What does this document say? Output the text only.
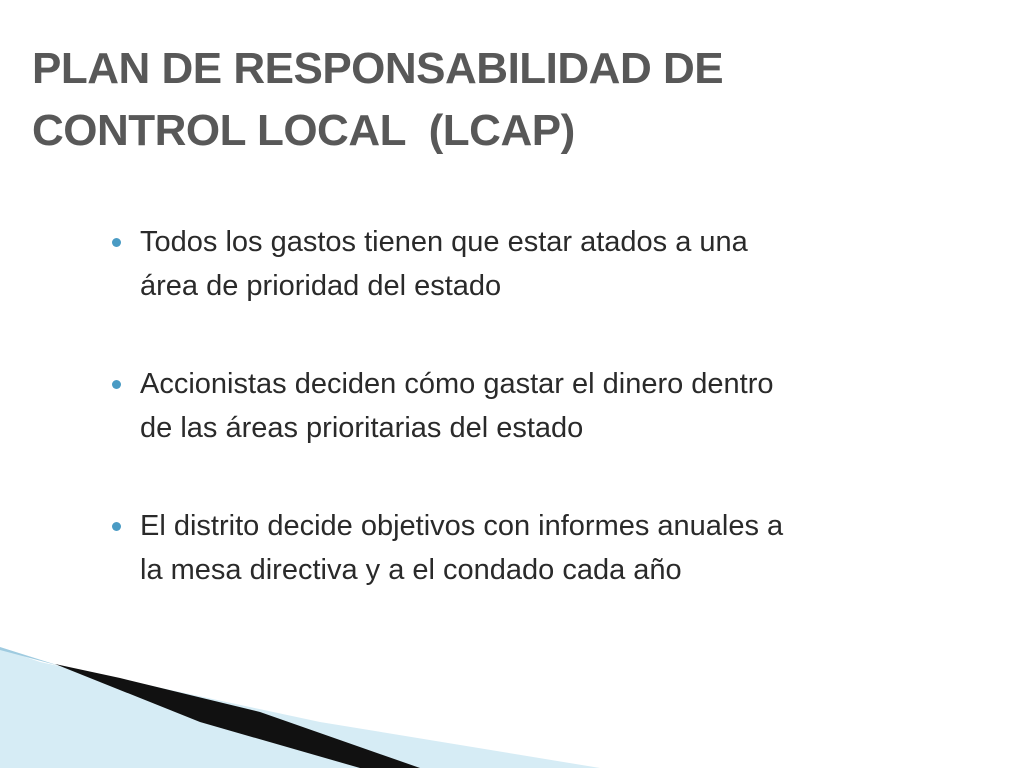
PLAN DE RESPONSABILIDAD DE
CONTROL LOCAL  (LCAP)
Todos los gastos tienen que estar atados a una
área de prioridad del estado
Accionistas deciden cómo gastar el dinero dentro
de las áreas prioritarias del estado
El distrito decide objetivos con informes anuales a
la mesa directiva y a el condado cada año
